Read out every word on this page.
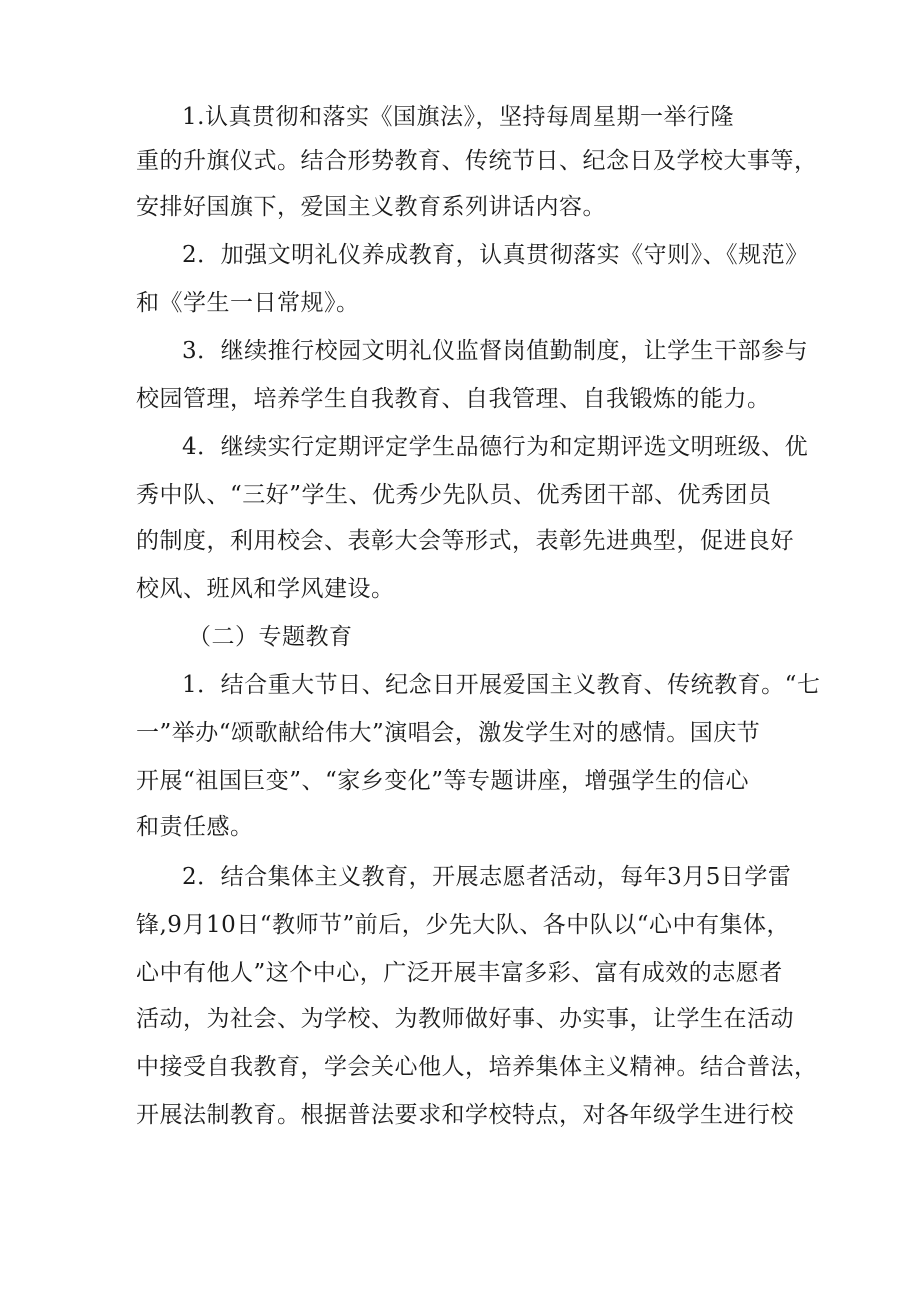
1.认真贯彻和落实《国旗法》，坚持每周星期一举行隆
重的升旗仪式。结合形势教育、传统节日、纪念日及学校大事等，
安排好国旗下，爱国主义教育系列讲话内容。
2．加强文明礼仪养成教育，认真贯彻落实《守则》、《规范》
和《学生一日常规》。
3．继续推行校园文明礼仪监督岗值勤制度，让学生干部参与
校园管理，培养学生自我教育、自我管理、自我锻炼的能力。
4．继续实行定期评定学生品德行为和定期评选文明班级、优
秀中队、“三好”学生、优秀少先队员、优秀团干部、优秀团员
的制度，利用校会、表彰大会等形式，表彰先进典型，促进良好
校风、班风和学风建设。
（二）专题教育
1．结合重大节日、纪念日开展爱国主义教育、传统教育。“七
一”举办“颂歌献给伟大”演唱会，激发学生对的感情。国庆节
开展“祖国巨变”、“家乡变化”等专题讲座，增强学生的信心
和责任感。
2．结合集体主义教育，开展志愿者活动，每年3月5日学雷
锋,9月10日“教师节”前后，少先大队、各中队以“心中有集体，
心中有他人”这个中心，广泛开展丰富多彩、富有成效的志愿者
活动，为社会、为学校、为教师做好事、办实事，让学生在活动
中接受自我教育，学会关心他人，培养集体主义精神。结合普法，
开展法制教育。根据普法要求和学校特点，对各年级学生进行校
